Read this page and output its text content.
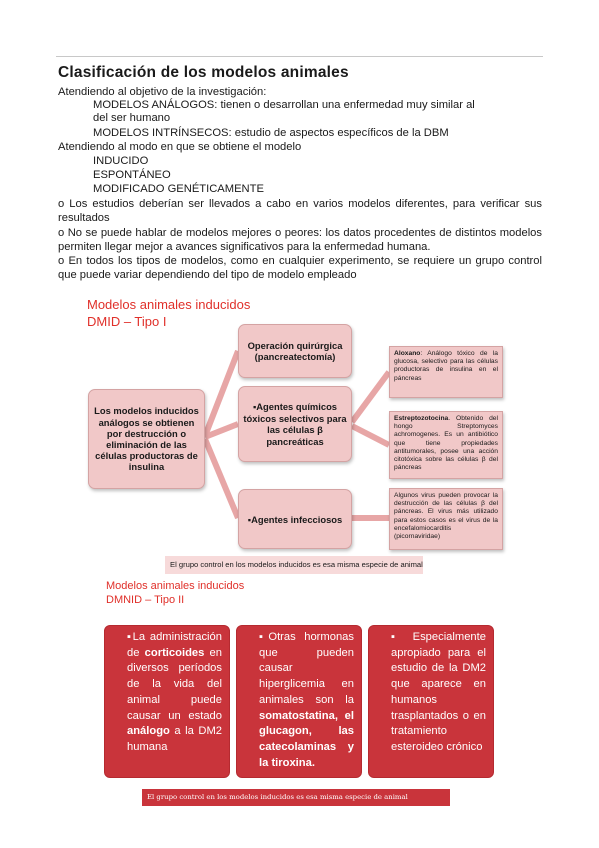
Clasificación de los modelos animales
Atendiendo al objetivo de la investigación:
MODELOS ANÁLOGOS: tienen o desarrollan una enfermedad muy similar al
del ser humano
MODELOS INTRÍNSECOS: estudio de aspectos específicos de la DBM
Atendiendo al modo en que se obtiene el modelo
INDUCIDO
ESPONTÁNEO
MODIFICADO GENÉTICAMENTE
o Los estudios deberían ser llevados a cabo en varios modelos diferentes, para verificar sus resultados
o No se puede hablar de modelos mejores o peores: los datos procedentes de distintos modelos permiten llegar mejor a avances significativos para la enfermedad humana.
o En todos los tipos de modelos, como en cualquier experimento, se requiere un grupo control que puede variar dependiendo del tipo de modelo empleado
Modelos animales inducidos
DMID – Tipo I
Los modelos inducidos análogos se obtienen por destrucción o eliminación de las células productoras de insulina
Operación quirúrgica (pancreatectomía)
▪Agentes químicos tóxicos selectivos para las células β pancreáticas
▪Agentes infecciosos
Aloxano: Análogo tóxico de la glucosa, selectivo para las células productoras de insulina en el páncreas
Estreptozotocina. Obtenido del hongo Streptomyces achromogenes. Es un antibiótico que tiene propiedades antitumorales, posee una acción citotóxica sobre las células β del páncreas
Algunos virus pueden provocar la destrucción de las células β del páncreas. El virus más utilizado para estos casos es el virus de la encefalomiocarditis (picornaviridae)
El grupo control en los modelos inducidos es esa misma especie de animal
Modelos animales inducidos
DMNID – Tipo II
▪La administración de corticoides en diversos períodos de la vida del animal puede causar un estado análogo a la DM2 humana
▪Otras hormonas que pueden causar hiperglicemia en animales son la somatostatina, el glucagon, las catecolaminas y la tiroxina.
▪Especialmente apropiado para el estudio de la DM2 que aparece en humanos trasplantados o en tratamiento esteroideo crónico
El grupo control en los modelos inducidos es esa misma especie de animal
